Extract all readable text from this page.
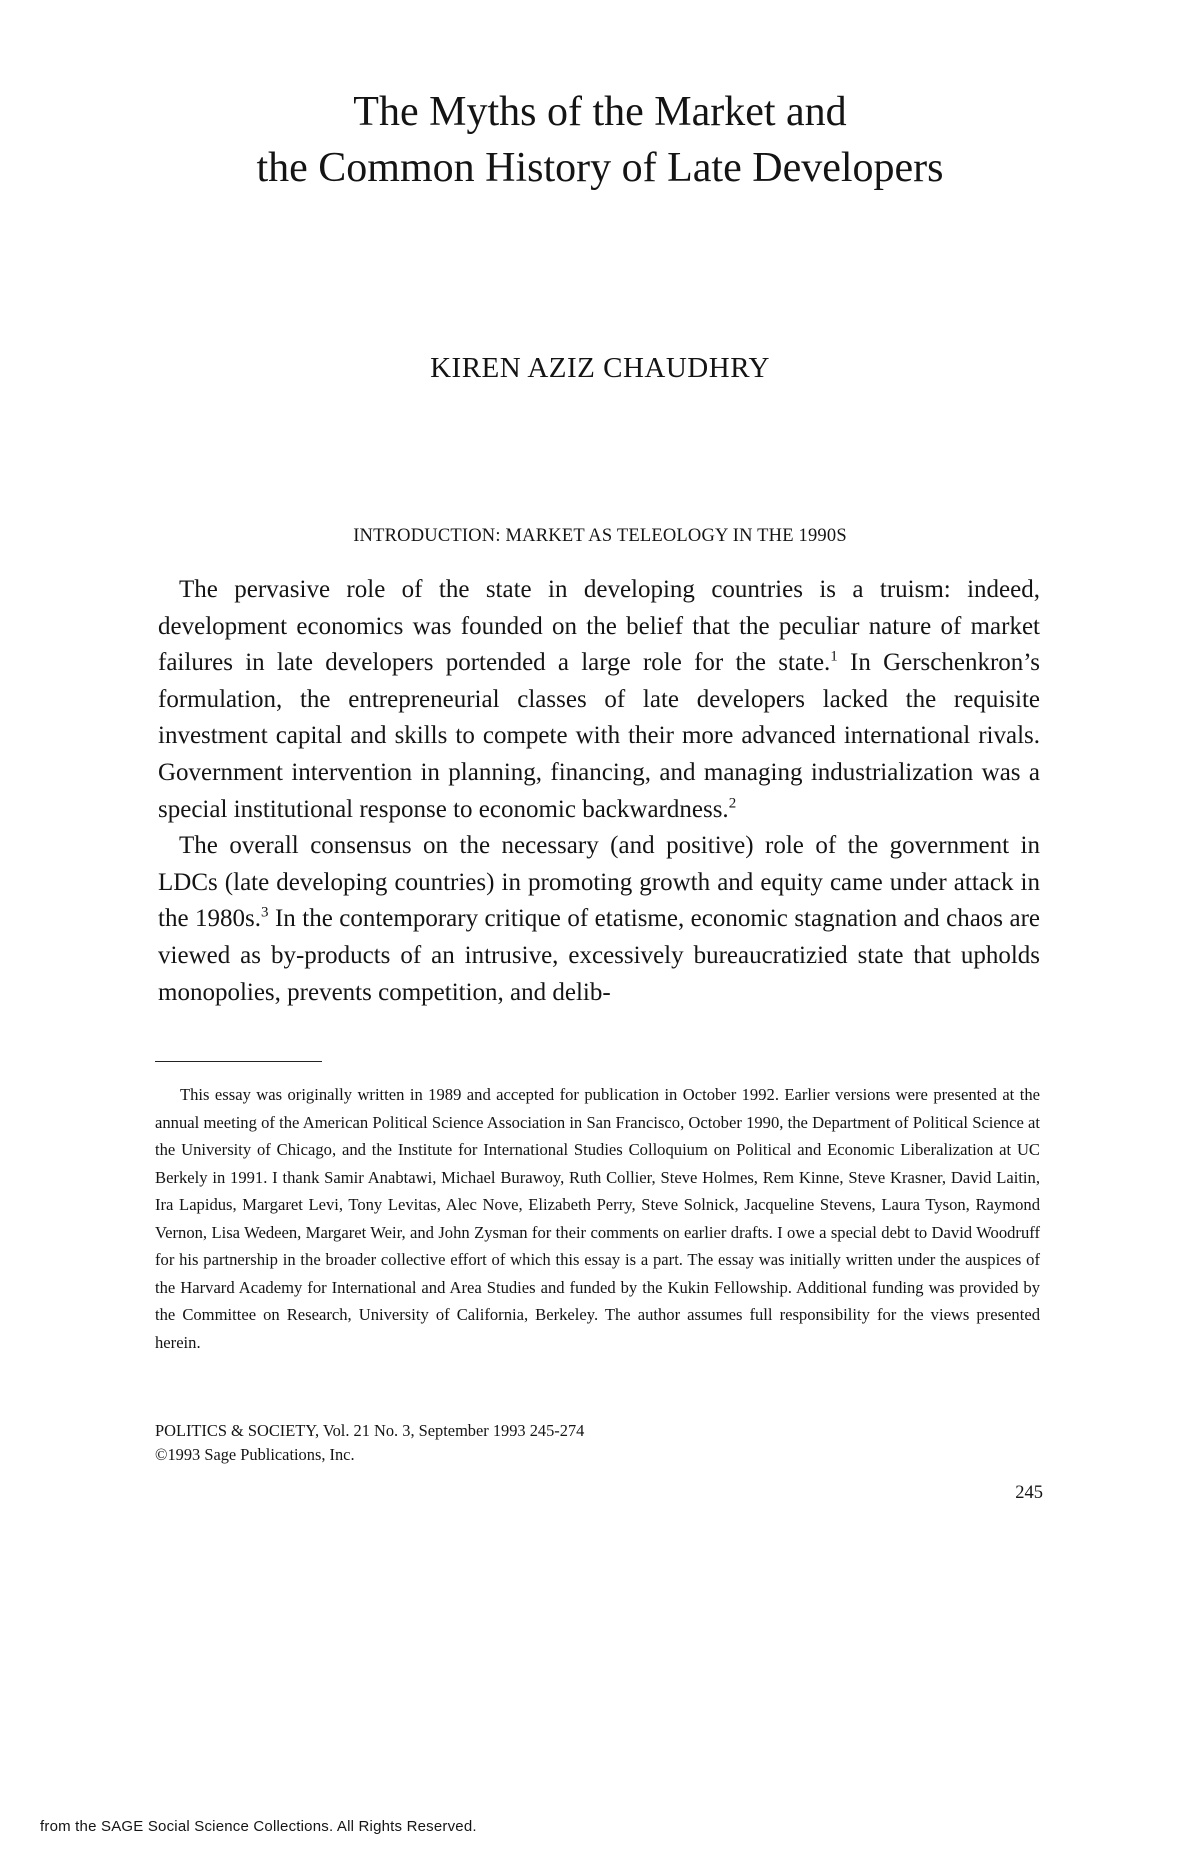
The Myths of the Market and
the Common History of Late Developers
KIREN AZIZ CHAUDHRY
INTRODUCTION: MARKET AS TELEOLOGY IN THE 1990S

The pervasive role of the state in developing countries is a truism: indeed, development economics was founded on the belief that the peculiar nature of market failures in late developers portended a large role for the state.$^1$ In Gerschenkron’s formulation, the entrepreneurial classes of late developers lacked the requisite investment capital and skills to compete with their more advanced international rivals. Government intervention in planning, financing, and managing industrialization was a special institutional response to economic backwardness.$^2$

The overall consensus on the necessary (and positive) role of the government in LDCs (late developing countries) in promoting growth and equity came under attack in the 1980s.$^3$ In the contemporary critique of etatisme, economic stagnation and chaos are viewed as by-products of an intrusive, excessively bureaucratizied state that upholds monopolies, prevents competition, and delib-

This essay was originally written in 1989 and accepted for publication in October 1992. Earlier versions were presented at the annual meeting of the American Political Science Association in San Francisco, October 1990, the Department of Political Science at the University of Chicago, and the Institute for International Studies Colloquium on Political and Economic Liberalization at UC Berkely in 1991. I thank Samir Anabtawi, Michael Burawoy, Ruth Collier, Steve Holmes, Rem Kinne, Steve Krasner, David Laitin, Ira Lapidus, Margaret Levi, Tony Levitas, Alec Nove, Elizabeth Perry, Steve Solnick, Jacqueline Stevens, Laura Tyson, Raymond Vernon, Lisa Wedeen, Margaret Weir, and John Zysman for their comments on earlier drafts. I owe a special debt to David Woodruff for his partnership in the broader collective effort of which this essay is a part. The essay was initially written under the auspices of the Harvard Academy for International and Area Studies and funded by the Kukin Fellowship. Additional funding was provided by the Committee on Research, University of California, Berkeley. The author assumes full responsibility for the views presented herein.

POLITICS & SOCIETY, Vol. 21 No. 3, September 1993 245-274
©1993 Sage Publications, Inc.
245
from the SAGE Social Science Collections. All Rights Reserved.
